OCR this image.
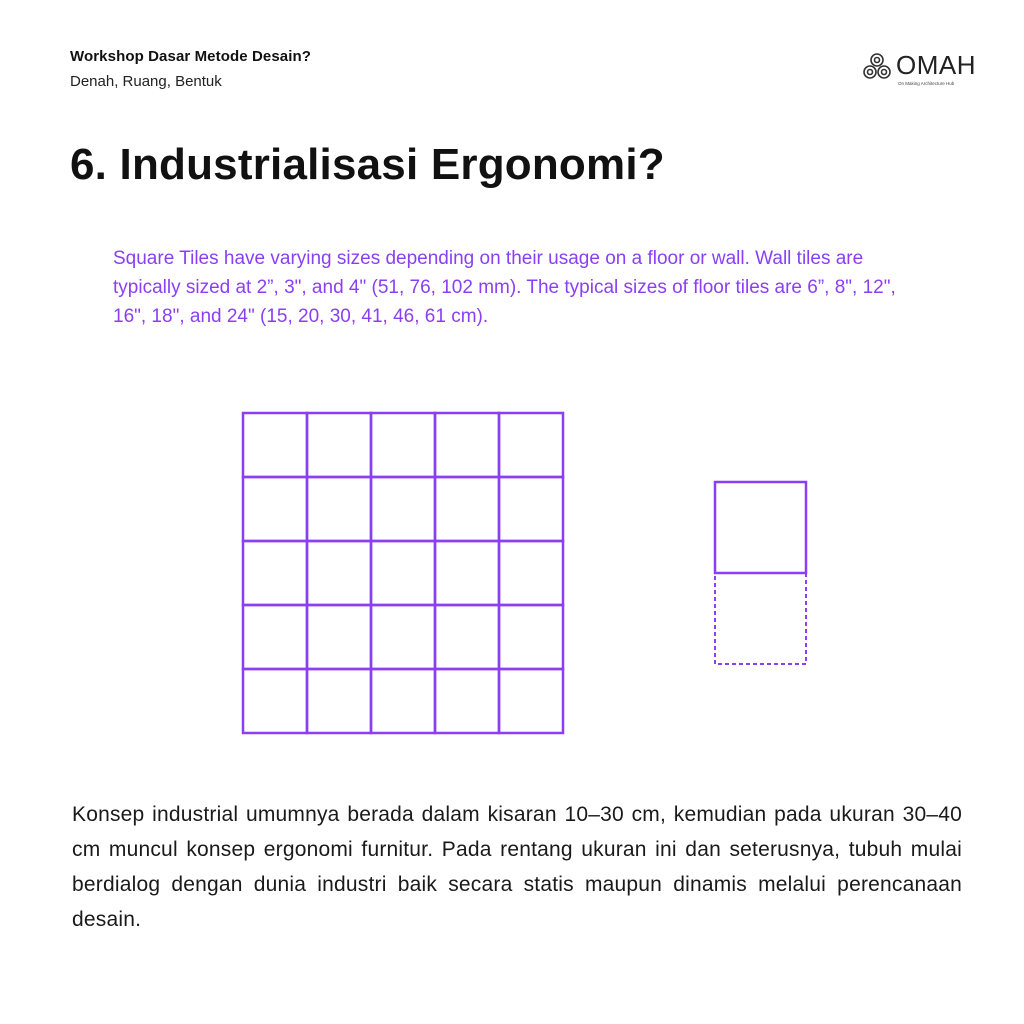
Workshop Dasar Metode Desain?
Denah, Ruang, Bentuk
OMAH
On Making Architecture Hub
6. Industrialisasi Ergonomi?

Square Tiles have varying sizes depending on their usage on a floor or wall. Wall tiles are typically sized at 2”, 3", and 4" (51, 76, 102 mm). The typical sizes of floor tiles are 6”, 8", 12", 16", 18", and 24" (15, 20, 30, 41, 46, 61 cm).

Konsep industrial umumnya berada dalam kisaran 10–30 cm, kemudian pada ukuran 30–40 cm muncul konsep ergonomi furnitur. Pada rentang ukuran ini dan seterusnya, tubuh mulai berdialog dengan dunia industri baik secara statis maupun dinamis melalui perencanaan desain.
